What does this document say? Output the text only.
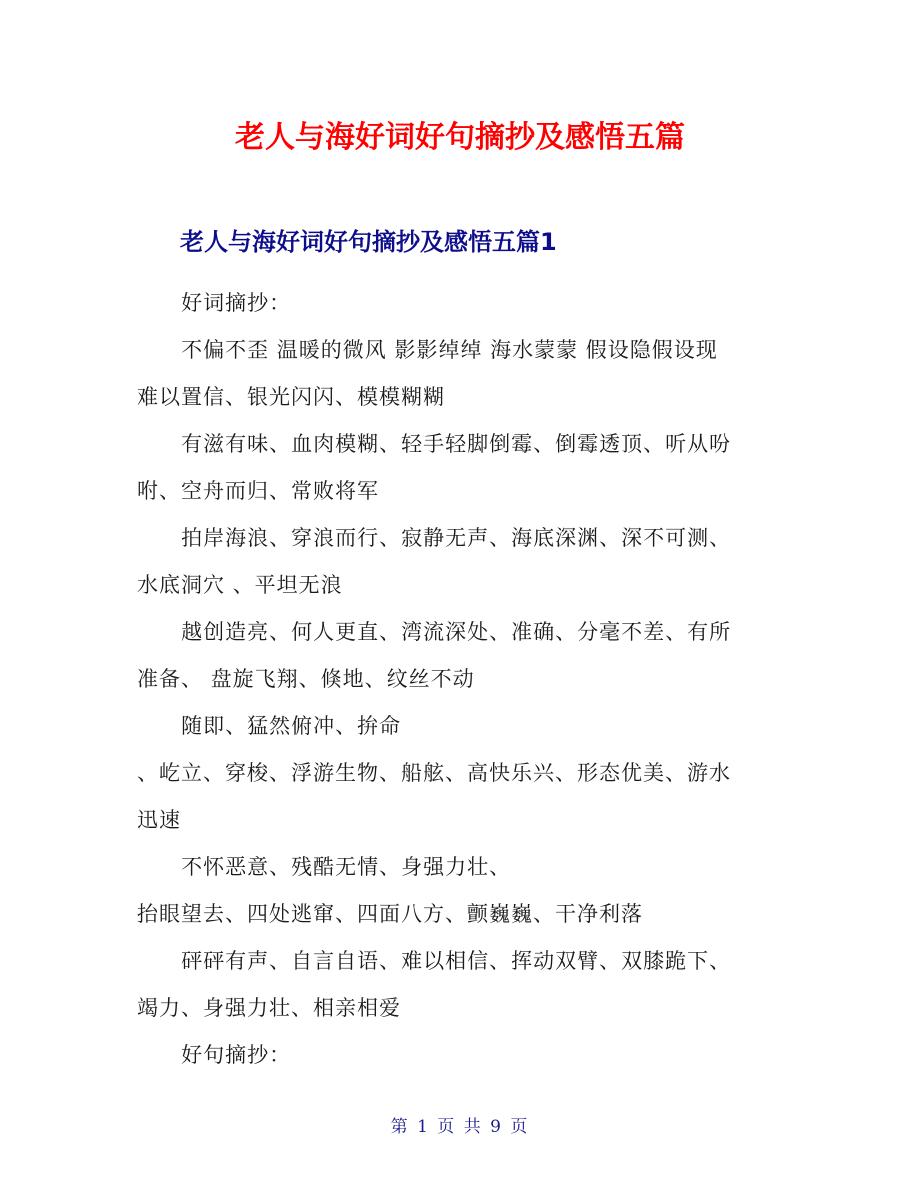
老人与海好词好句摘抄及感悟五篇
老人与海好词好句摘抄及感悟五篇1

好词摘抄：

不偏不歪 温暖的微风 影影绰绰 海水蒙蒙 假设隐假设现

难以置信、银光闪闪、模模糊糊

有滋有味、血肉模糊、轻手轻脚倒霉、倒霉透顶、听从吩

咐、空舟而归、常败将军

拍岸海浪、穿浪而行、寂静无声、海底深渊、深不可测、

水底洞穴 、平坦无浪

越创造亮、何人更直、湾流深处、准确、分毫不差、有所

准备、 盘旋飞翔、倏地、纹丝不动

随即、猛然俯冲、拚命

、屹立、穿梭、浮游生物、船舷、高快乐兴、形态优美、游水

迅速

不怀恶意、残酷无情、身强力壮、

抬眼望去、四处逃窜、四面八方、颤巍巍、干净利落

砰砰有声、自言自语、难以相信、挥动双臂、双膝跪下、

竭力、身强力壮、相亲相爱

好句摘抄：

第 1 页 共 9 页
